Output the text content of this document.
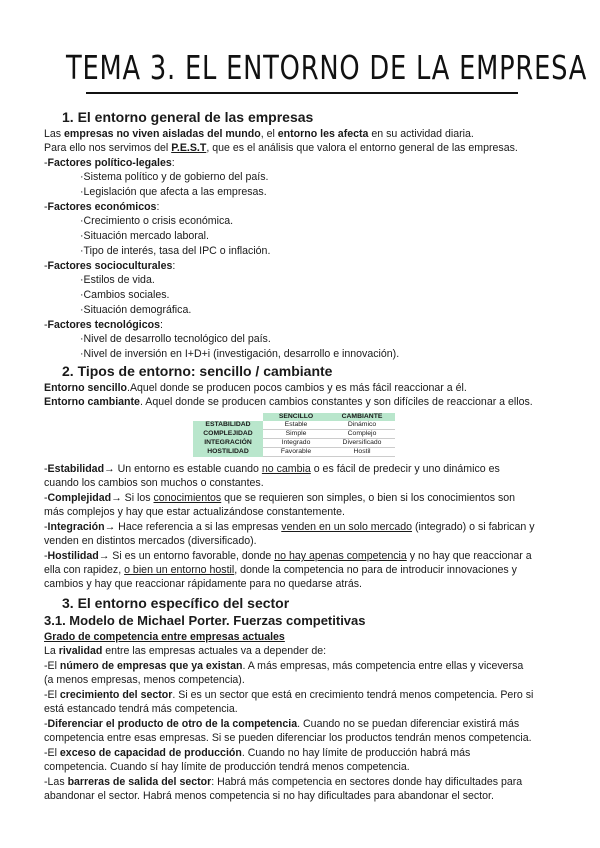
TEMA 3. EL ENTORNO DE LA EMPRESA
1. El entorno general de las empresas
Las empresas no viven aisladas del mundo, el entorno les afecta en su actividad diaria.
Para ello nos servimos del P.E.S.T, que es el análisis que valora el entorno general de las empresas.
-Factores político-legales:
·Sistema político y de gobierno del país.
·Legislación que afecta a las empresas.
-Factores económicos:
·Crecimiento o crisis económica.
·Situación mercado laboral.
·Tipo de interés, tasa del IPC o inflación.
-Factores socioculturales:
·Estilos de vida.
·Cambios sociales.
·Situación demográfica.
-Factores tecnológicos:
·Nivel de desarrollo tecnológico del país.
·Nivel de inversión en I+D+i (investigación, desarrollo e innovación).
2. Tipos de entorno: sencillo / cambiante
Entorno sencillo.Aquel donde se producen pocos cambios y es más fácil reaccionar a él.
Entorno cambiante. Aquel donde se producen cambios constantes y son difíciles de reaccionar a ellos.
	SENCILLO	CAMBIANTE
ESTABILIDAD	Estable	Dinámico
COMPLEJIDAD	Simple	Complejo
INTEGRACIÓN	Integrado	Diversificado
HOSTILIDAD	Favorable	Hostil
-Estabilidad→ Un entorno es estable cuando no cambia o es fácil de predecir y uno dinámico es
cuando los cambios son muchos o constantes.
-Complejidad→ Si los conocimientos que se requieren son simples, o bien si los conocimientos son
más complejos y hay que estar actualizándose constantemente.
-Integración→ Hace referencia a si las empresas venden en un solo mercado (integrado) o si fabrican y
venden en distintos mercados (diversificado).
-Hostilidad→ Si es un entorno favorable, donde no hay apenas competencia y no hay que reaccionar a
ella con rapidez, o bien un entorno hostil, donde la competencia no para de introducir innovaciones y
cambios y hay que reaccionar rápidamente para no quedarse atrás.
3. El entorno específico del sector
3.1. Modelo de Michael Porter. Fuerzas competitivas
Grado de competencia entre empresas actuales
La rivalidad entre las empresas actuales va a depender de:
-El número de empresas que ya existan. A más empresas, más competencia entre ellas y viceversa
(a menos empresas, menos competencia).
-El crecimiento del sector. Si es un sector que está en crecimiento tendrá menos competencia. Pero si
está estancado tendrá más competencia.
-Diferenciar el producto de otro de la competencia. Cuando no se puedan diferenciar existirá más
competencia entre esas empresas. Si se pueden diferenciar los productos tendrán menos competencia.
-El exceso de capacidad de producción. Cuando no hay límite de producción habrá más
competencia. Cuando sí hay límite de producción tendrá menos competencia.
-Las barreras de salida del sector: Habrá más competencia en sectores donde hay dificultades para
abandonar el sector. Habrá menos competencia si no hay dificultades para abandonar el sector.
